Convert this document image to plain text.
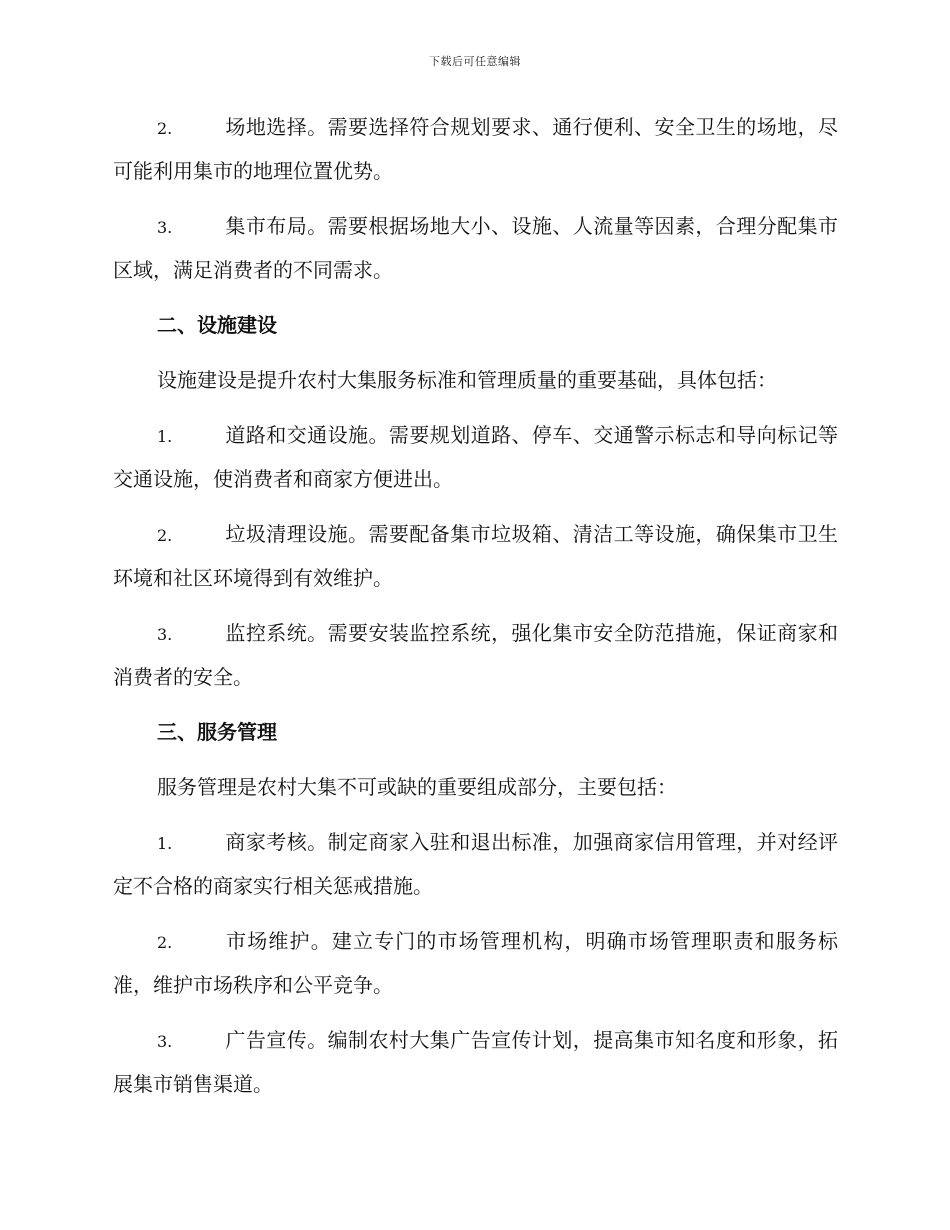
下载后可任意编辑

2.	场地选择。需要选择符合规划要求、通行便利、安全卫生的场地，尽可能利用集市的地理位置优势。

3.	集市布局。需要根据场地大小、设施、人流量等因素，合理分配集市区域，满足消费者的不同需求。

二、设施建设

设施建设是提升农村大集服务标准和管理质量的重要基础，具体包括：

1.	道路和交通设施。需要规划道路、停车、交通警示标志和导向标记等交通设施，使消费者和商家方便进出。

2.	垃圾清理设施。需要配备集市垃圾箱、清洁工等设施，确保集市卫生环境和社区环境得到有效维护。

3.	监控系统。需要安装监控系统，强化集市安全防范措施，保证商家和消费者的安全。

三、服务管理

服务管理是农村大集不可或缺的重要组成部分，主要包括：

1.	商家考核。制定商家入驻和退出标准，加强商家信用管理，并对经评定不合格的商家实行相关惩戒措施。

2.	市场维护。建立专门的市场管理机构，明确市场管理职责和服务标准，维护市场秩序和公平竞争。

3.	广告宣传。编制农村大集广告宣传计划，提高集市知名度和形象，拓展集市销售渠道。
